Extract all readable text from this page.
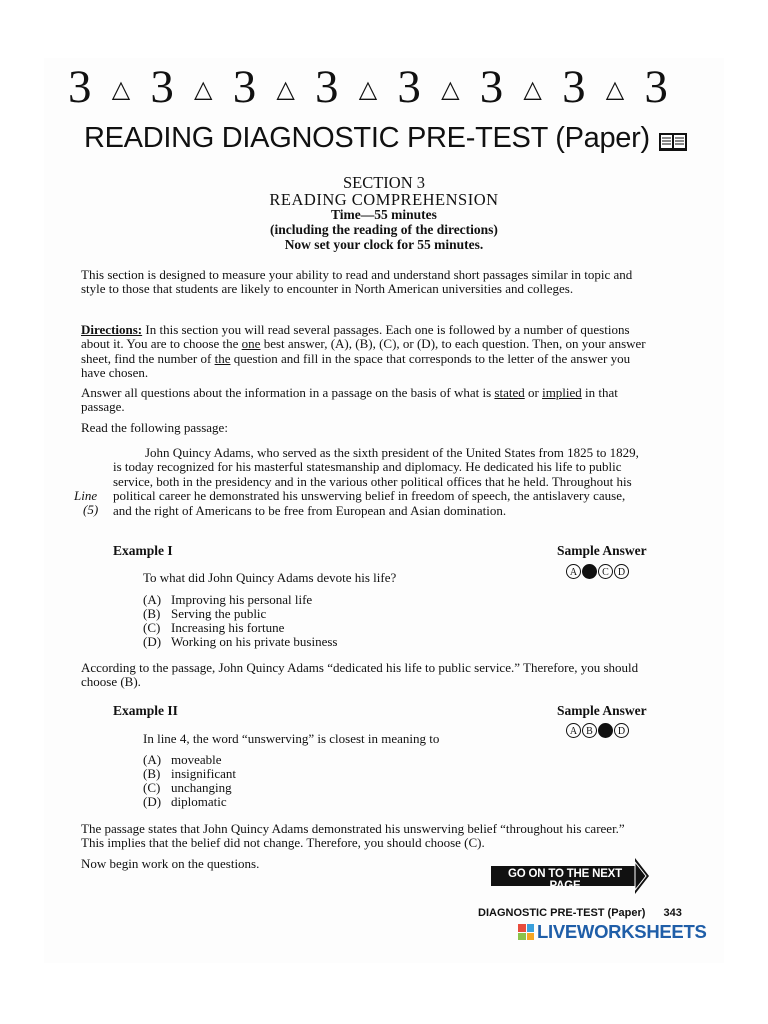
3 △ 3 △ 3 △ 3 △ 3 △ 3 △ 3 △ 3
READING DIAGNOSTIC PRE-TEST (Paper)
SECTION 3
READING COMPREHENSION
Time—55 minutes
(including the reading of the directions)
Now set your clock for 55 minutes.
This section is designed to measure your ability to read and understand short passages similar in topic and style to those that students are likely to encounter in North American universities and colleges.
Directions: In this section you will read several passages. Each one is followed by a number of questions about it. You are to choose the one best answer, (A), (B), (C), or (D), to each question. Then, on your answer sheet, find the number of the question and fill in the space that corresponds to the letter of the answer you have chosen.
Answer all questions about the information in a passage on the basis of what is stated or implied in that passage.
Read the following passage:
John Quincy Adams, who served as the sixth president of the United States from 1825 to 1829, is today recognized for his masterful statesmanship and diplomacy. He dedicated his life to public service, both in the presidency and in the various other political offices that he held. Throughout his political career he demonstrated his unswerving belief in freedom of speech, the antislavery cause, and the right of Americans to be free from European and Asian domination.
Line
(5)
Example I	Sample Answer
A B C D
To what did John Quincy Adams devote his life?
(A) Improving his personal life
(B) Serving the public
(C) Increasing his fortune
(D) Working on his private business
According to the passage, John Quincy Adams “dedicated his life to public service.” Therefore, you should choose (B).
Example II	Sample Answer
A B C D
In line 4, the word “unswerving” is closest in meaning to
(A) moveable
(B) insignificant
(C) unchanging
(D) diplomatic
The passage states that John Quincy Adams demonstrated his unswerving belief “throughout his career.” This implies that the belief did not change. Therefore, you should choose (C).
Now begin work on the questions.
GO ON TO THE NEXT PAGE
DIAGNOSTIC PRE-TEST (Paper) 343
LIVEWORKSHEETS
